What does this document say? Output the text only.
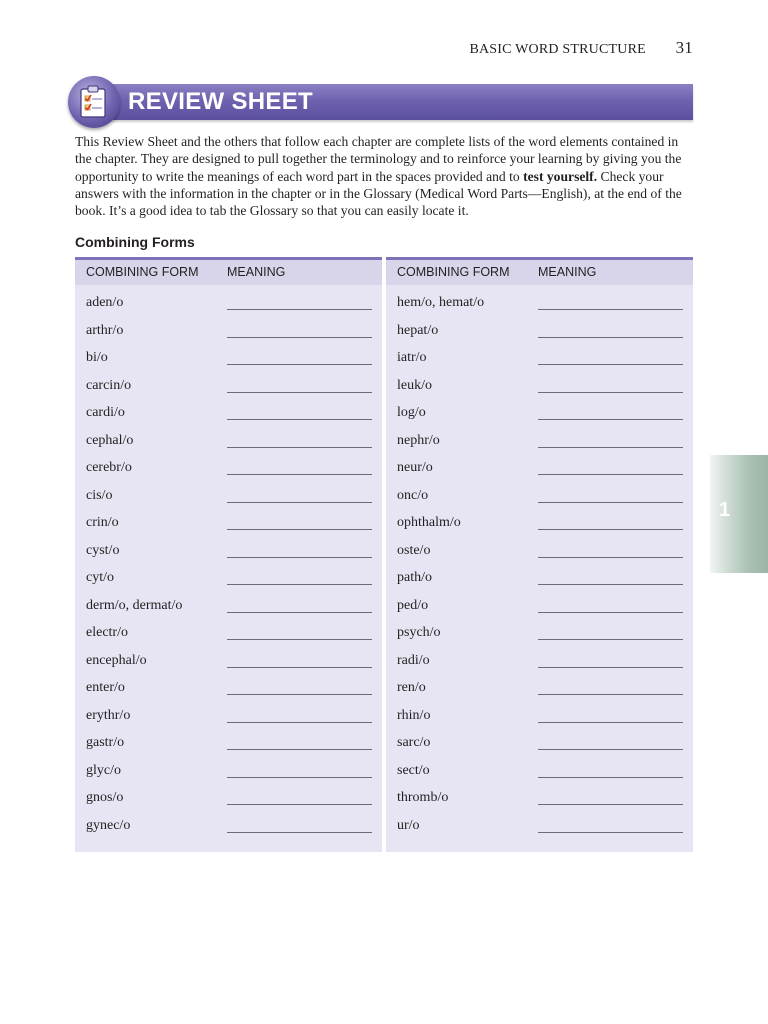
BASIC WORD STRUCTURE 31
REVIEW SHEET
This Review Sheet and the others that follow each chapter are complete lists of the word elements contained in the chapter. They are designed to pull together the terminology and to reinforce your learning by giving you the opportunity to write the meanings of each word part in the spaces provided and to test yourself. Check your answers with the information in the chapter or in the Glossary (Medical Word Parts—English), at the end of the book. It’s a good idea to tab the Glossary so that you can easily locate it.
Combining Forms
COMBINING FORM MEANING
aden/o
arthr/o
bi/o
carcin/o
cardi/o
cephal/o
cerebr/o
cis/o
crin/o
cyst/o
cyt/o
derm/o, dermat/o
electr/o
encephal/o
enter/o
erythr/o
gastr/o
glyc/o
gnos/o
gynec/o
COMBINING FORM MEANING
hem/o, hemat/o
hepat/o
iatr/o
leuk/o
log/o
nephr/o
neur/o
onc/o
ophthalm/o
oste/o
path/o
ped/o
psych/o
radi/o
ren/o
rhin/o
sarc/o
sect/o
thromb/o
ur/o
1
